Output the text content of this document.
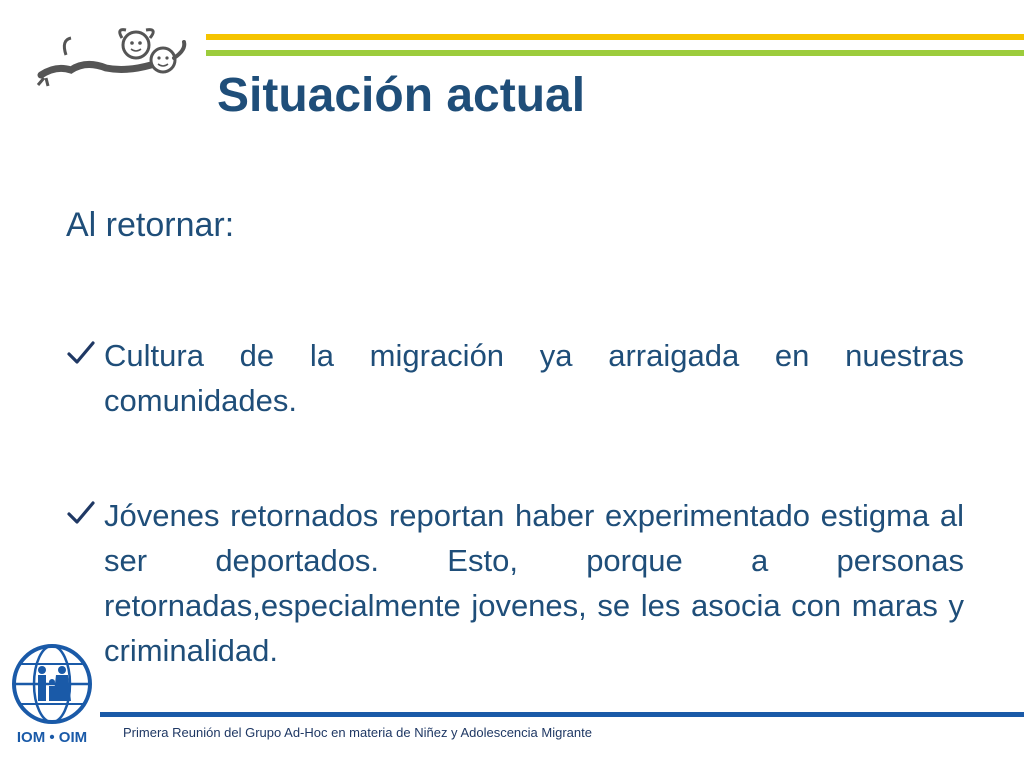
Situación actual
Al retornar:
Cultura de la migración ya arraigada en nuestras comunidades.
Jóvenes retornados reportan haber experimentado estigma al ser deportados. Esto, porque a personas retornadas,especialmente jovenes, se les asocia con maras y criminalidad.
IOM • OIM	Primera Reunión del Grupo Ad-Hoc en materia de Niñez y Adolescencia Migrante
